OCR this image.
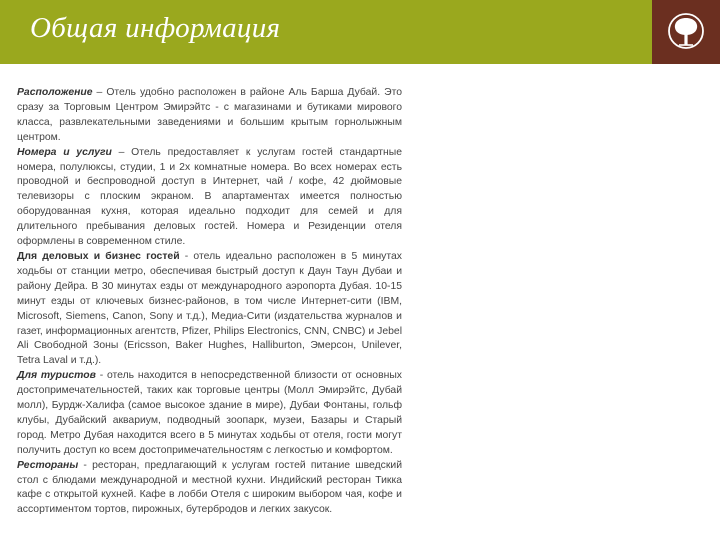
Общая информация

Расположение – Отель удобно расположен в районе Аль Барша Дубай. Это сразу за Торговым Центром Эмирэйтс - с магазинами и бутиками мирового класса, развлекательными заведениями и большим крытым горнолыжным центром.

Номера и услуги – Отель предоставляет к услугам гостей стандартные номера, полулюксы, студии, 1 и 2х комнатные номера. Во всех номерах есть проводной и беспроводной доступ в Интернет, чай / кофе, 42 дюймовые телевизоры с плоским экраном. В апартаментах имеется полностью оборудованная кухня, которая идеально подходит для семей и для длительного пребывания деловых гостей. Номера и Резиденции отеля оформлены в современном стиле.

Для деловых и бизнес гостей - отель идеально расположен в 5 минутах ходьбы от станции метро, обеспечивая быстрый доступ к Даун Таун Дубаи и району Дейра. В 30 минутах езды от международного аэропорта Дубая. 10-15 минут езды от ключевых бизнес-районов, в том числе Интернет-сити (IBM, Microsoft, Siemens, Canon, Sony и т.д.), Медиа-Сити (издательства журналов и газет, информационных агентств, Pfizer, Philips Electronics, CNN, CNBC) и Jebel Ali Свободной Зоны (Ericsson, Baker Hughes, Halliburton, Эмерсон, Unilever, Tetra Laval и т.д.).

Для туристов - отель находится в непосредственной близости от основных достопримечательностей, таких как торговые центры (Молл Эмирэйтс, Дубай молл), Бурдж-Халифа (самое высокое здание в мире), Дубаи Фонтаны, гольф клубы, Дубайский аквариум, подводный зоопарк, музеи, Базары и Старый город. Метро Дубая находится всего в 5 минутах ходьбы от отеля, гости могут получить доступ ко всем достопримечательностям с легкостью и комфортом.

Рестораны - ресторан, предлагающий к услугам гостей питание шведский стол с блюдами международной и местной кухни. Индийский ресторан Тикка кафе с открытой кухней. Кафе в лобби Отеля с широким выбором чая, кофе и ассортиментом тортов, пирожных, бутербродов и легких закусок.
